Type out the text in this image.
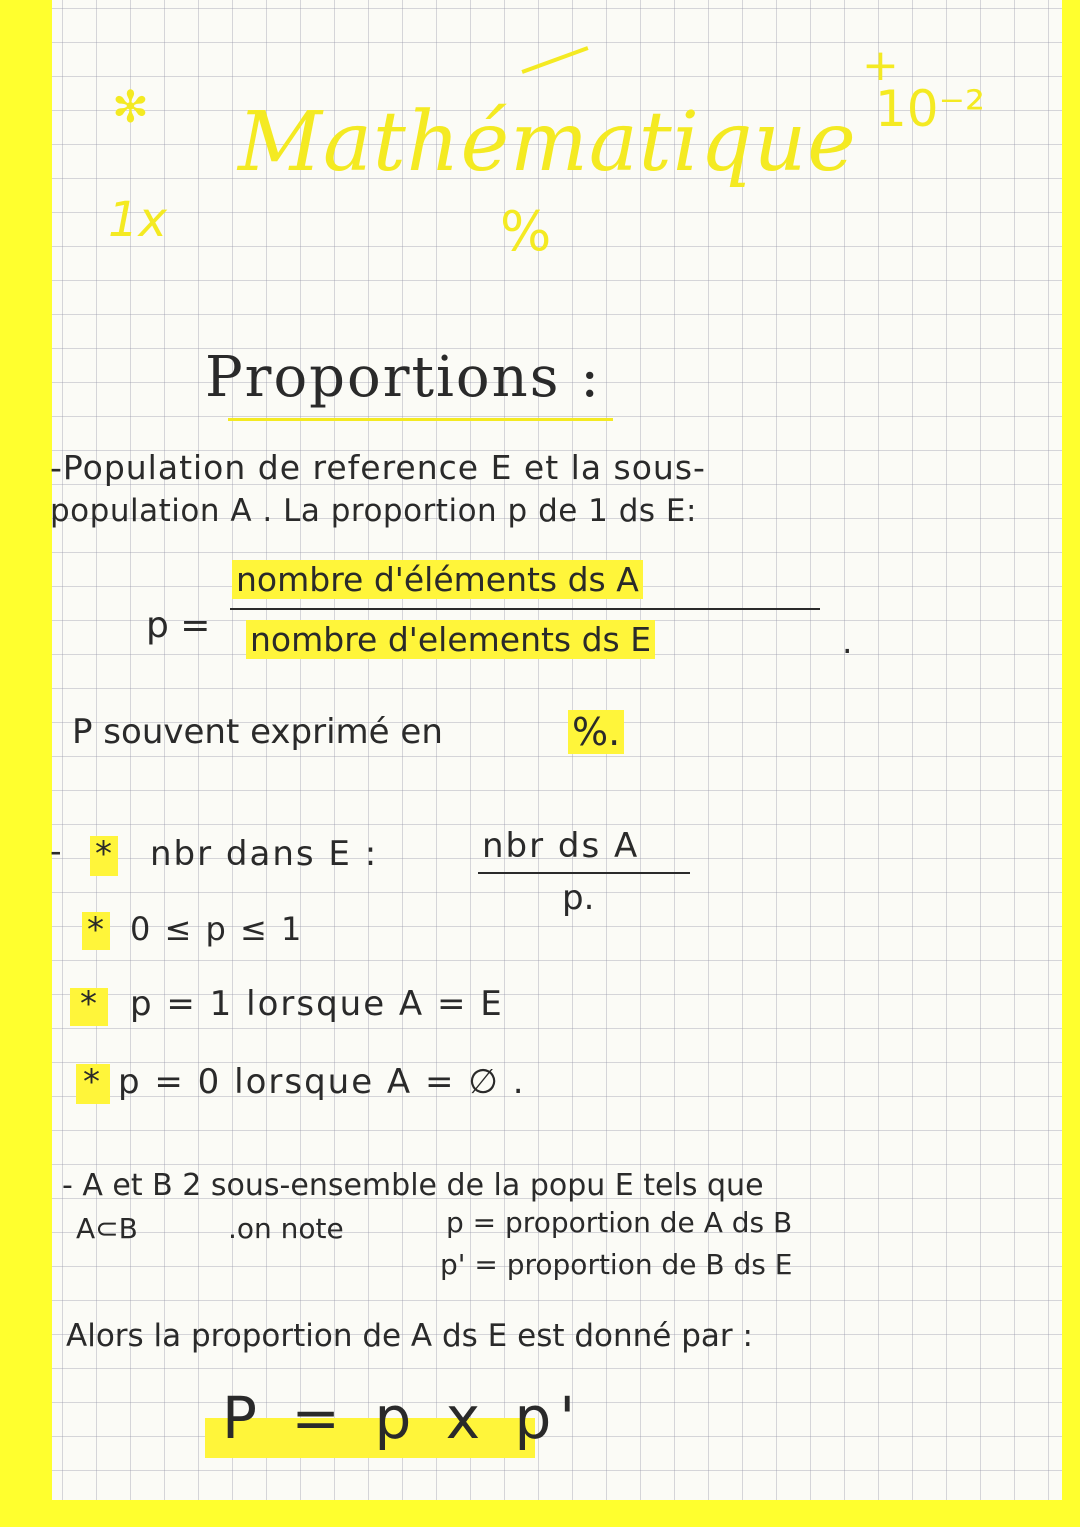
✻ Mathématique

+

10⁻²

1x	%

Proportions :

-Population de reference E et la sous-

population A . La proportion p de 1 ds E:

p =

nombre d'éléments ds A

nombre d'elements ds E	.

P souvent exprimé en	%.

- * nbr dans E :	nbr ds A

p.

* 0 ≤ p ≤ 1

* p = 1 lorsque A = E

* p = 0 lorsque A = ∅ .

- A et B 2 sous-ensemble de la popu E tels que

A⊂B	.on note	p = proportion de A ds B

p' = proportion de B ds E

Alors la proportion de A ds E est donné par :

P = p x p'
